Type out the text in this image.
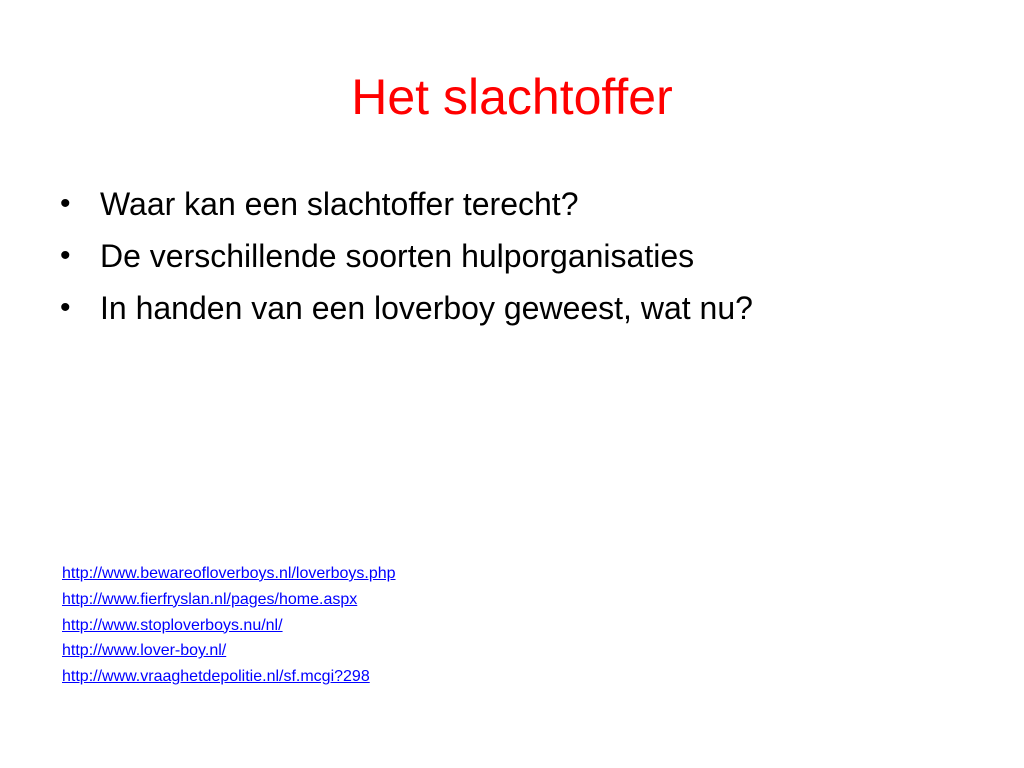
Het slachtoffer
• Waar kan een slachtoffer terecht?
• De verschillende soorten hulporganisaties
• In handen van een loverboy geweest, wat nu?
http://www.bewareofloverboys.nl/loverboys.php
http://www.fierfryslan.nl/pages/home.aspx
http://www.stoploverboys.nu/nl/
http://www.lover-boy.nl/
http://www.vraaghetdepolitie.nl/sf.mcgi?298
